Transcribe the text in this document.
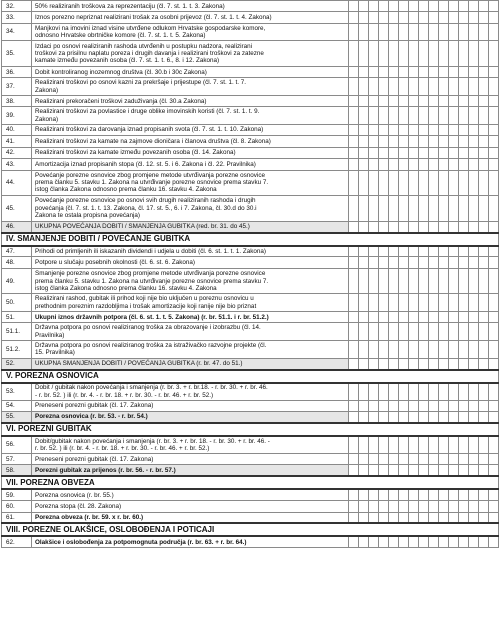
32.	50% realiziranih troškova za reprezentaciju (čl. 7. st. 1. t. 3. Zakona)															

33.	Iznos porezno nepriznat realizirani trošak za osobni prijevoz (čl. 7. st. 1. t. 4. Zakona)															

34.	Manjkovi na imovini iznad visine utvrđene odlukom Hrvatske gospodarske komore,
odnosno Hrvatske obrtničke komore (čl. 7. st. 1. t. 5. Zakona)															

35.	Izdaci po osnovi realiziranih rashoda utvrđenih u postupku nadzora, realizirani
troškovi za prisilnu naplatu poreza i drugih davanja i realizirani troškovi za zatezne
kamate između povezanih osoba (čl. 7. st. 1. t. 6., 8. i 12. Zakona)															

36.	Dobit kontroliranog inozemnog društva (čl. 30.b i 30c Zakona)															

37.	Realizirani troškovi po osnovi kazni za prekršaje i prijestupe (čl. 7. st. 1. t. 7.
Zakona)															

38.	Realizirani prekoračeni troškovi zaduživanja (čl. 30.a Zakona)															

39.	Realizirani troškovi za povlastice i druge oblike imovinskih koristi (čl. 7. st. 1. t. 9.
Zakona)															

40.	Realizirani troškovi za darovanja iznad propisanih svota (čl. 7. st. 1. t. 10. Zakona)															

41.	Realizirani troškovi za kamate na zajmove dioničara i članova društva (čl. 8. Zakona)															

42.	Realizirani troškovi za kamate između povezanih osoba (čl. 14. Zakona)															

43.	Amortizacija iznad propisanih stopa (čl. 12. st. 5. i 6. Zakona i čl. 22. Pravilnika)															

44.	Povećanje porezne osnovice zbog promjene metode utvrđivanja porezne osnovice
prema članku 5. stavku 1. Zakona na utvrđivanje porezne osnovice prema stavku 7.
istog članka Zakona odnosno prema članku 16. stavku 4. Zakona															

45.	Povećanje porezne osnovice po osnovi svih drugih realiziranih rashoda i drugih
povećanja (čl. 7. st. 1. t. 13. Zakona, čl. 17. st. 5., 6. i 7. Zakona, čl. 30.d do 30.i
Zakona te ostala propisna povećanja)															

46.	UKUPNA POVEĆANJA DOBITI / SMANJENJA GUBITKA (red. br. 31. do 45.)															

IV. SMANJENJE DOBITI / POVEĆANJE GUBITKA																
47.	Prihodi od primljenih ili iskazanih dividendi i udjela u dobiti (čl. 6. st. 1. t. 1. Zakona)															

48.	Potpore u slučaju posebnih okolnosti (čl. 6. st. 6. Zakona)															

49.	Smanjenje porezne osnovice zbog promjene metode utvrđivanja porezne osnovice
prema članku 5. stavku 1. Zakona na utvrđivanje porezne osnovice prema stavku 7.
istog članka Zakona odnosno prema članku 16. stavku 4. Zakona															

50.	Realizirani rashod, gubitak ili prihod koji nije bio uključen u poreznu osnovicu u
prethodnim poreznim razdobljima i trošak amortizacije koji ranije nije bio priznat															

51.	Ukupni iznos državnih potpora (čl. 6. st. 1. t. 5. Zakona) (r. br. 51.1. i r. br. 51.2.)															

51.1.	Državna potpora po osnovi realiziranog troška za obrazovanje i izobrazbu (čl. 14.
Pravilnika)															

51.2.	Državna potpora po osnovi realiziranog troška za istraživačko razvojne projekte (čl.
15. Pravilnika)															

52.	UKUPNA SMANJENJA DOBITI / POVEĆANJA GUBITKA (r. br. 47. do 51.)															

V. POREZNA OSNOVICA																
53.	Dobit / gubitak nakon povećanja i smanjenja (r. br. 3. + r. br.18. - r. br. 30. + r. br. 46.
- r. br. 52. ) ili (r. br. 4. - r. br. 18. + r. br. 30. - r. br. 46. + r. br. 52.)															

54.	Preneseni porezni gubitak (čl. 17. Zakona)															

55.	Porezna osnovica (r. br. 53. - r. br. 54.)															

VI. POREZNI GUBITAK																
56.	Dobit/gubitak nakon povećanja i smanjenja (r. br. 3. + r. br. 18. - r. br. 30. + r. br. 46. -
r. br. 52. ) ili (r. br. 4. - r. br. 18. + r. br. 30. - r. br. 46. + r. br. 52.)															

57.	Preneseni porezni gubitak (čl. 17. Zakona)															

58.	Porezni gubitak za prijenos (r. br. 56. - r. br. 57.)															

VII. POREZNA OBVEZA																
59.	Porezna osnovica (r. br. 55.)															

60.	Porezna stopa (čl. 28. Zakona)															

61.	Porezna obveza (r. br. 59. x r. br. 60.)															

VIII. POREZNE OLAKŠICE, OSLOBOĐENJA I POTICAJI																
62.	Olakšice i oslobođenja za potpomognuta područja (r. br. 63. + r. br. 64.)															
